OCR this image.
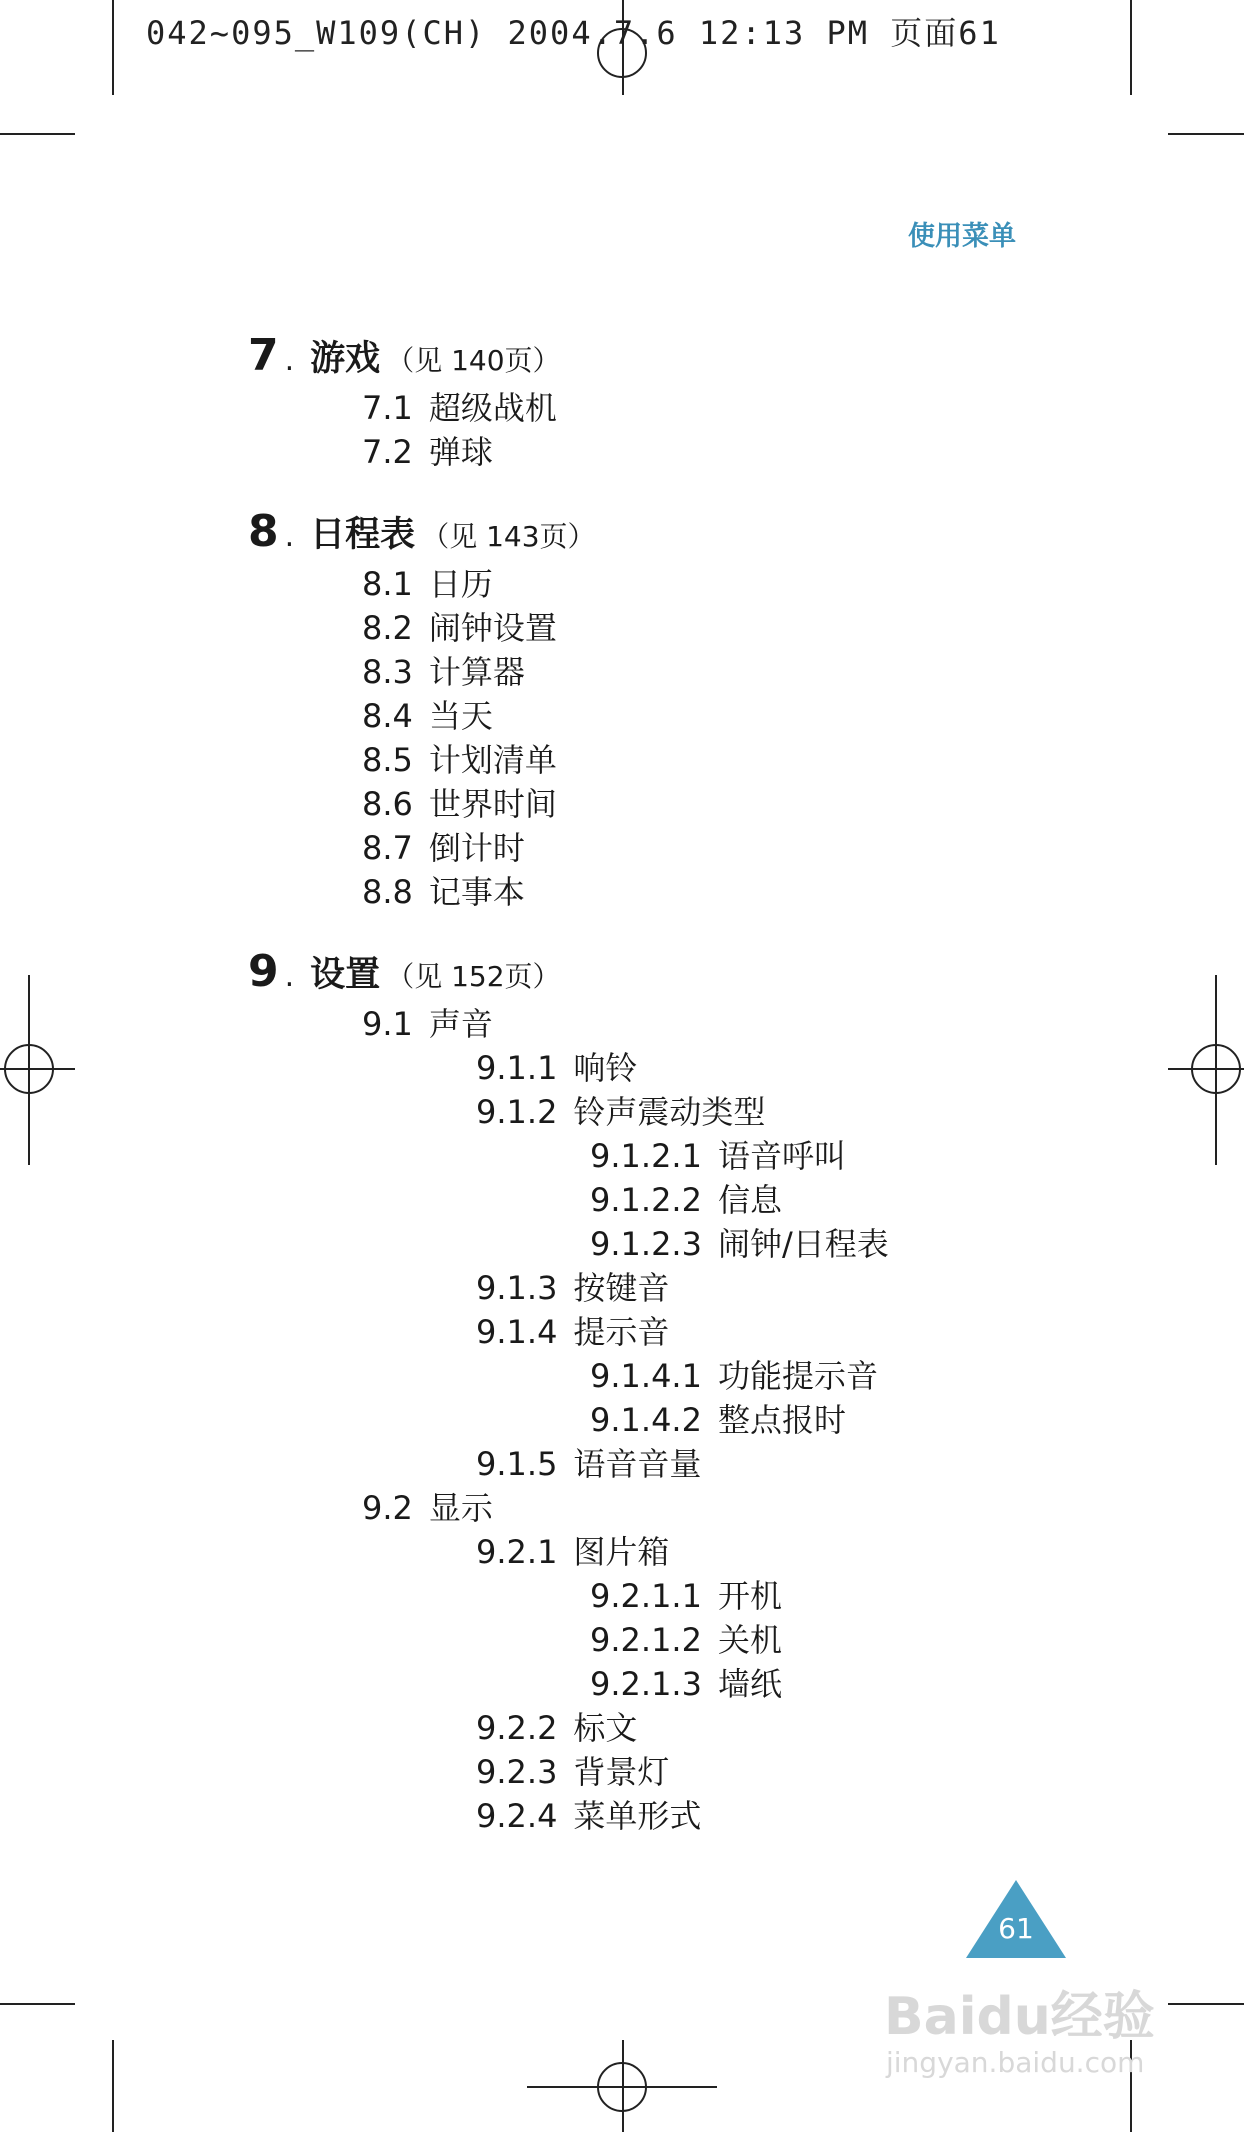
042~095_W109(CH) 2004.7.6 12:13 PM 页面61
使用菜单
7 . 游戏 （见 140页）
7.1 超级战机
7.2 弹球
8 . 日程表 （见 143页）
8.1 日历
8.2 闹钟设置
8.3 计算器
8.4 当天
8.5 计划清单
8.6 世界时间
8.7 倒计时
8.8 记事本
9 . 设置 （见 152页）
9.1 声音
9.1.1 响铃
9.1.2 铃声震动类型
9.1.2.1 语音呼叫
9.1.2.2 信息
9.1.2.3 闹钟/日程表
9.1.3 按键音
9.1.4 提示音
9.1.4.1 功能提示音
9.1.4.2 整点报时
9.1.5 语音音量
9.2 显示
9.2.1 图片箱
9.2.1.1 开机
9.2.1.2 关机
9.2.1.3 墙纸
9.2.2 标文
9.2.3 背景灯
9.2.4 菜单形式
61
Baidu经验
jingyan.baidu.com
